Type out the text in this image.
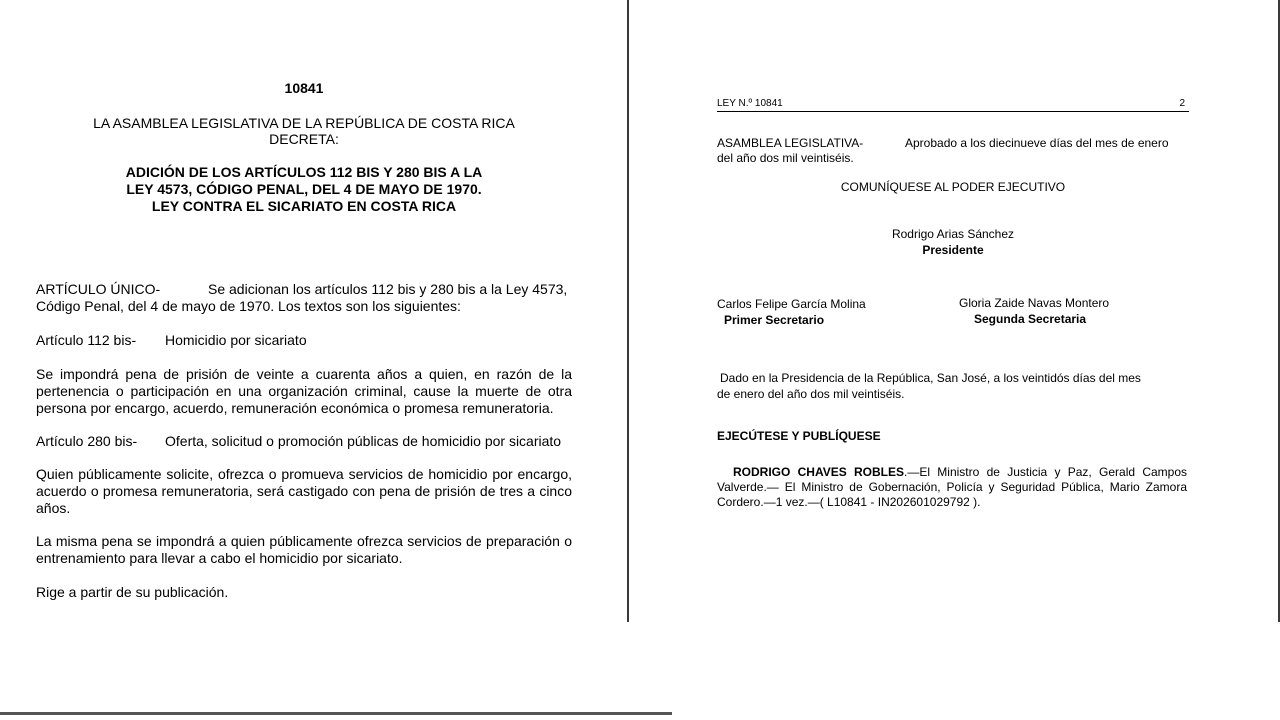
10841
LA ASAMBLEA LEGISLATIVA DE LA REPÚBLICA DE COSTA RICA
DECRETA:
ADICIÓN DE LOS ARTÍCULOS 112 BIS Y 280 BIS A LA
LEY 4573, CÓDIGO PENAL, DEL 4 DE MAYO DE 1970.
LEY CONTRA EL SICARIATO EN COSTA RICA
ARTÍCULO ÚNICO-	Se adicionan los artículos 112 bis y 280 bis a la Ley 4573,
Código Penal, del 4 de mayo de 1970. Los textos son los siguientes:
Artículo 112 bis- Homicidio por sicariato
Se impondrá pena de prisión de veinte a cuarenta años a quien, en razón de la pertenencia o participación en una organización criminal, cause la muerte de otra persona por encargo, acuerdo, remuneración económica o promesa remuneratoria.
Artículo 280 bis- Oferta, solicitud o promoción públicas de homicidio por sicariato
Quien públicamente solicite, ofrezca o promueva servicios de homicidio por encargo, acuerdo o promesa remuneratoria, será castigado con pena de prisión de tres a cinco años.
La misma pena se impondrá a quien públicamente ofrezca servicios de preparación o entrenamiento para llevar a cabo el homicidio por sicariato.
Rige a partir de su publicación.
LEY N.º 10841	2
ASAMBLEA LEGISLATIVA-	Aprobado a los diecinueve días del mes de enero
del año dos mil veintiséis.
COMUNÍQUESE AL PODER EJECUTIVO
Rodrigo Arias Sánchez
Presidente
Carlos Felipe García Molina
Primer Secretario
Gloria Zaide Navas Montero
Segunda Secretaria
Dado en la Presidencia de la República, San José, a los veintidós días del mes
de enero del año dos mil veintiséis.
EJECÚTESE Y PUBLÍQUESE
RODRIGO CHAVES ROBLES.—El Ministro de Justicia y Paz, Gerald Campos Valverde.— El Ministro de Gobernación, Policía y Seguridad Pública, Mario Zamora Cordero.—1 vez.—( L10841 - IN202601029792 ).
